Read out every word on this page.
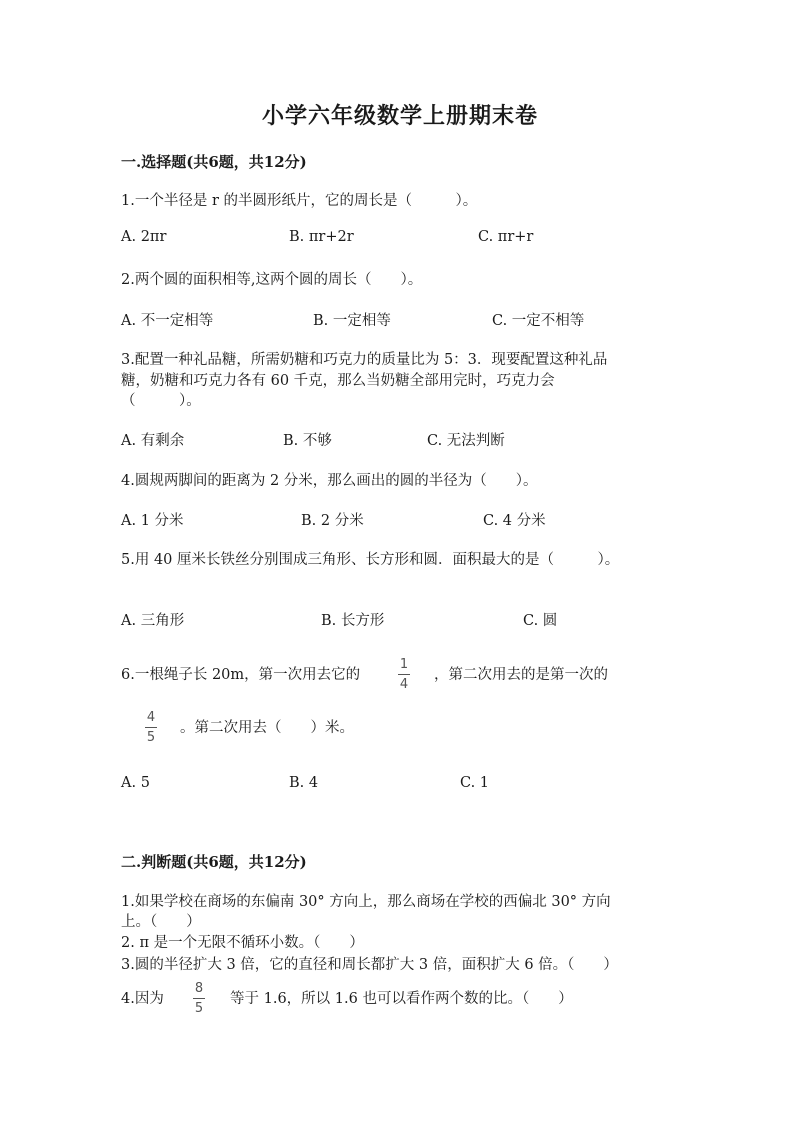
小学六年级数学上册期末卷
一.选择题(共6题，共12分)
1.一个半径是 r 的半圆形纸片，它的周长是（　　　）。
A. 2πr	B. πr+2r	C. πr+r
2.两个圆的面积相等,这两个圆的周长（　　）。
A. 不一定相等	B. 一定相等	C. 一定不相等
3.配置一种礼品糖，所需奶糖和巧克力的质量比为 5：3．现要配置这种礼品
糖，奶糖和巧克力各有 60 千克，那么当奶糖全部用完时，巧克力会
（　　　）。
A. 有剩余	B. 不够	C. 无法判断
4.圆规两脚间的距离为 2 分米，那么画出的圆的半径为（　　）。
A. 1 分米	B. 2 分米	C. 4 分米
5.用 40 厘米长铁丝分别围成三角形、长方形和圆．面积最大的是（　　　）。
A. 三角形	B. 长方形	C. 圆
6.一根绳子长 20m，第一次用去它的
1
4
，第二次用去的是第一次的
4
5
。第二次用去（　　）米。
A. 5	B. 4	C. 1
二.判断题(共6题，共12分)
1.如果学校在商场的东偏南 30° 方向上，那么商场在学校的西偏北 30° 方向
上。（　　）
2. π 是一个无限不循环小数。（　　）
3.圆的半径扩大 3 倍，它的直径和周长都扩大 3 倍，面积扩大 6 倍。（　　）
4.因为
8
5
等于 1.6，所以 1.6 也可以看作两个数的比。（　　）
